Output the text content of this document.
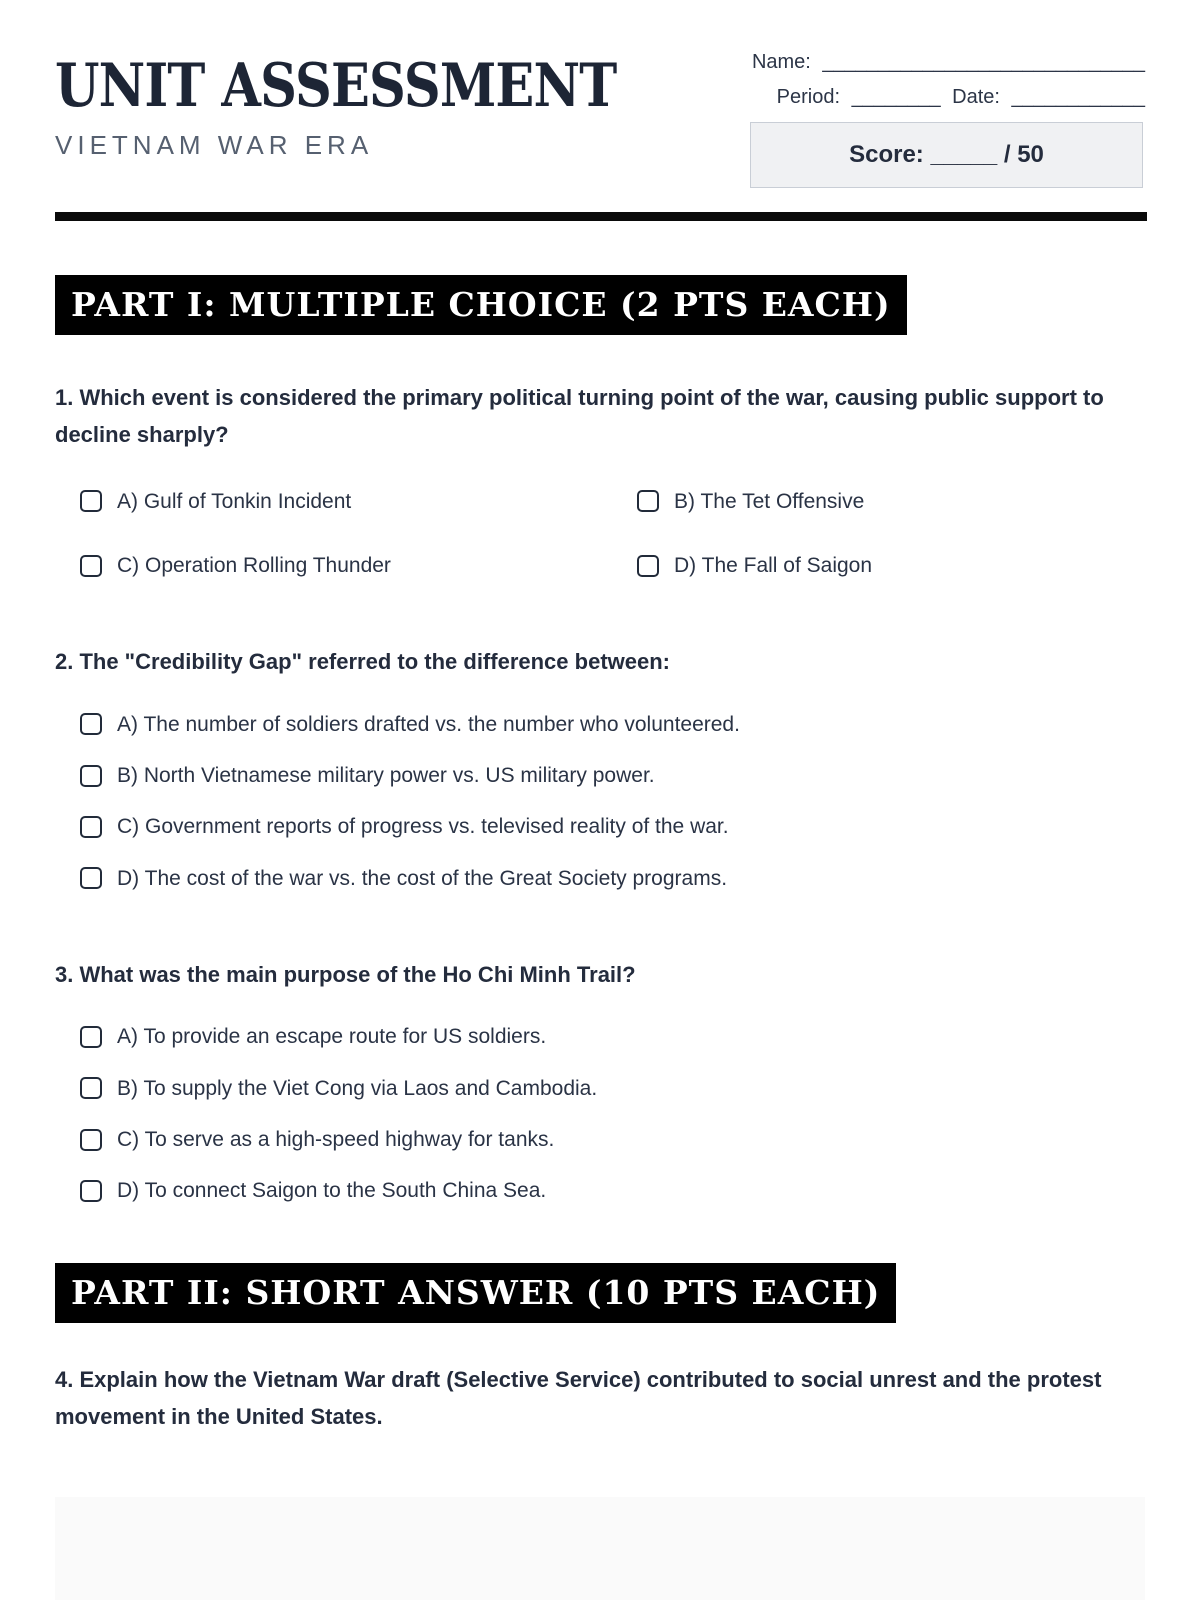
UNIT ASSESSMENT
VIETNAM WAR ERA
Name: _____________________________
Period: ________ Date: ____________
Score: _____ / 50
PART I: MULTIPLE CHOICE (2 PTS EACH)

1. Which event is considered the primary political turning point of the war, causing public support to decline sharply?

A) Gulf of Tonkin Incident	B) The Tet Offensive
C) Operation Rolling Thunder	D) The Fall of Saigon

2. The "Credibility Gap" referred to the difference between:

A) The number of soldiers drafted vs. the number who volunteered.
B) North Vietnamese military power vs. US military power.
C) Government reports of progress vs. televised reality of the war.
D) The cost of the war vs. the cost of the Great Society programs.

3. What was the main purpose of the Ho Chi Minh Trail?

A) To provide an escape route for US soldiers.
B) To supply the Viet Cong via Laos and Cambodia.
C) To serve as a high-speed highway for tanks.
D) To connect Saigon to the South China Sea.
PART II: SHORT ANSWER (10 PTS EACH)

4. Explain how the Vietnam War draft (Selective Service) contributed to social unrest and the protest movement in the United States.
